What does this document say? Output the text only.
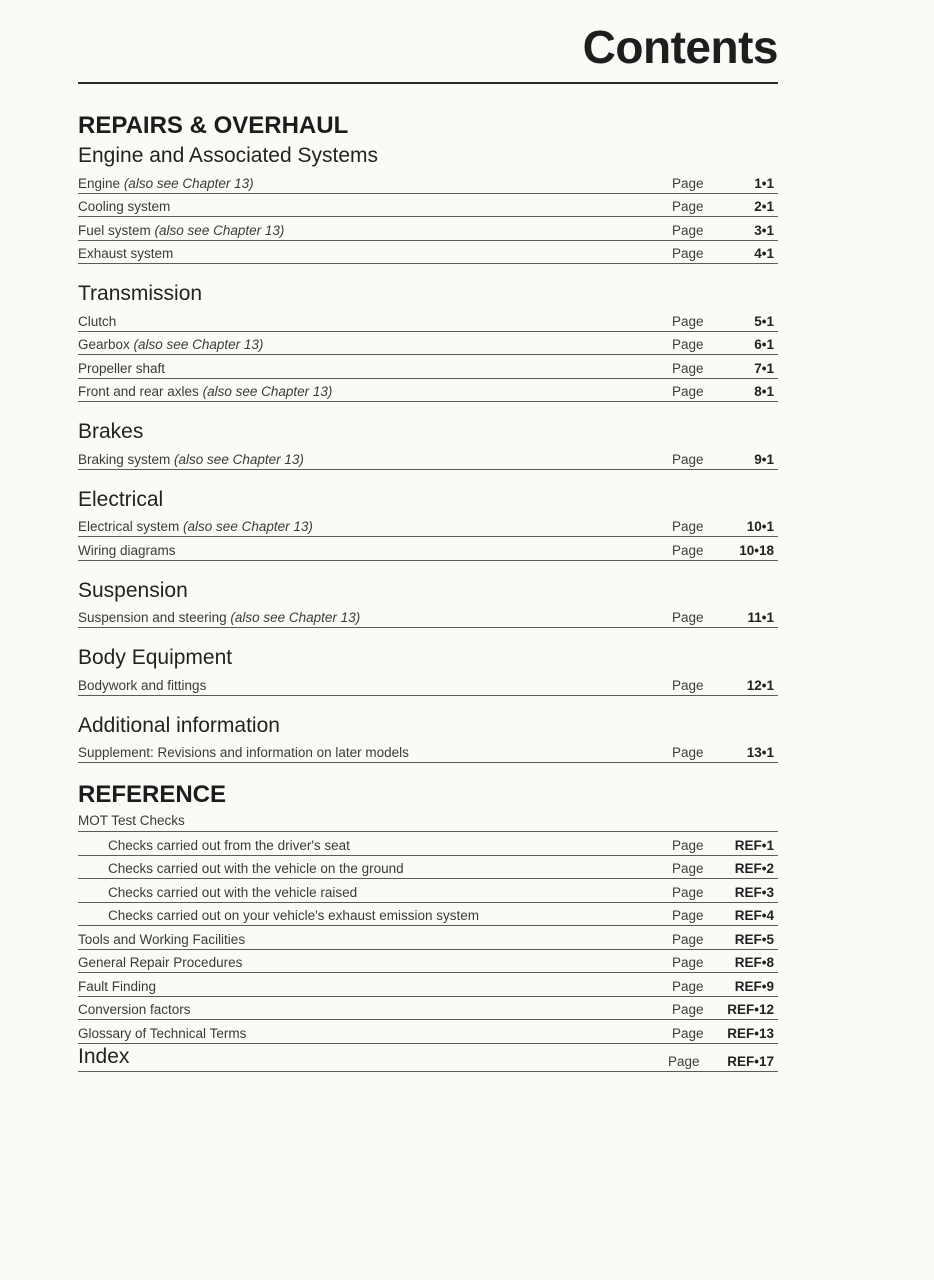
Contents
REPAIRS & OVERHAUL
Engine and Associated Systems
Engine (also see Chapter 13)	Page	1•1
Cooling system	Page	2•1
Fuel system (also see Chapter 13)	Page	3•1
Exhaust system	Page	4•1
Transmission
Clutch	Page	5•1
Gearbox (also see Chapter 13)	Page	6•1
Propeller shaft	Page	7•1
Front and rear axles (also see Chapter 13)	Page	8•1
Brakes
Braking system (also see Chapter 13)	Page	9•1
Electrical
Electrical system (also see Chapter 13)	Page	10•1
Wiring diagrams	Page	10•18
Suspension
Suspension and steering (also see Chapter 13)	Page	11•1
Body Equipment
Bodywork and fittings	Page	12•1
Additional information
Supplement: Revisions and information on later models	Page	13•1
REFERENCE
MOT Test Checks
Checks carried out from the driver's seat	Page	REF•1
Checks carried out with the vehicle on the ground	Page	REF•2
Checks carried out with the vehicle raised	Page	REF•3
Checks carried out on your vehicle's exhaust emission system	Page	REF•4
Tools and Working Facilities	Page	REF•5
General Repair Procedures	Page	REF•8
Fault Finding	Page	REF•9
Conversion factors	Page	REF•12
Glossary of Technical Terms	Page	REF•13
Index	Page	REF•17
